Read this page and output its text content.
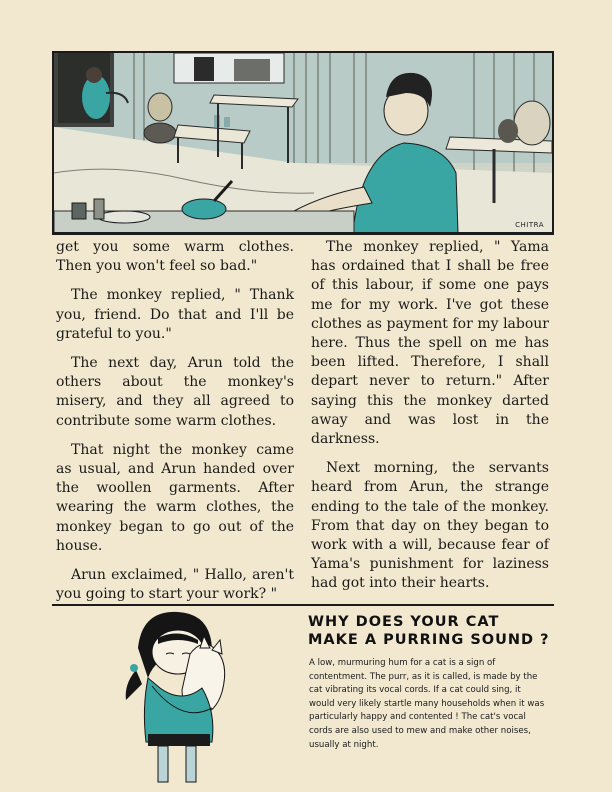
CHITRA

get you some warm clothes. Then you won't feel so bad."

The monkey replied, " Thank you, friend. Do that and I'll be grateful to you."

The next day, Arun told the others about the monkey's misery, and they all agreed to contribute some warm clothes.

That night the monkey came as usual, and Arun handed over the woollen garments. After wearing the warm clothes, the monkey began to go out of the house.

Arun exclaimed, " Hallo, aren't you going to start your work? "

The monkey replied, " Yama has ordained that I shall be free of this labour, if some one pays me for my work. I've got these clothes as payment for my labour here. Thus the spell on me has been lifted. Therefore, I shall depart never to return." After saying this the monkey darted away and was lost in the darkness.

Next morning, the servants heard from Arun, the strange ending to the tale of the monkey. From that day on they began to work with a will, because fear of Yama's punishment for laziness had got into their hearts.

WHY DOES YOUR CAT
MAKE A PURRING SOUND ?

A low, murmuring hum for a cat is a sign of contentment. The purr, as it is called, is made by the cat vibrating its vocal cords. If a cat could sing, it would very likely startle many households when it was particularly happy and contented ! The cat's vocal cords are also used to mew and make other noises, usually at night.
